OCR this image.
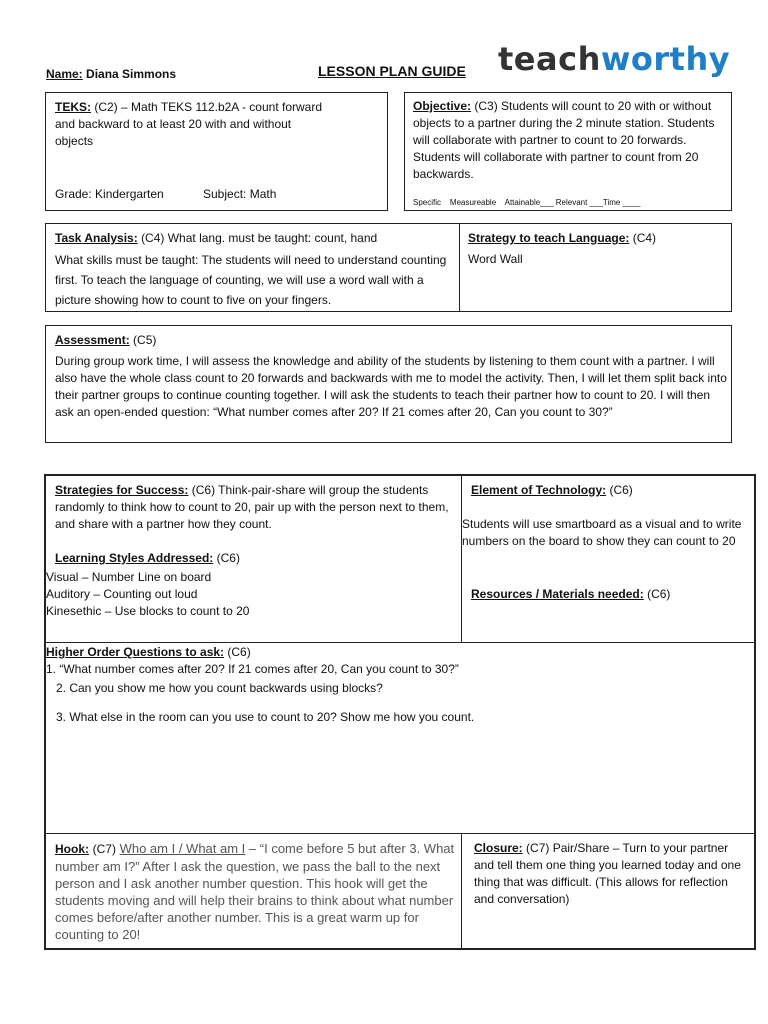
Name: Diana Simmons	LESSON PLAN GUIDE teachworthy
TEKS: (C2) – Math TEKS 112.b2A - count forward and backward to at least 20 with and without objects
Grade: Kindergarten	Subject: Math
Objective: (C3) Students will count to 20 with or without objects to a partner during the 2 minute station. Students will collaborate with partner to count to 20 forwards. Students will collaborate with partner to count from 20 backwards.
Specific    Measureable    Attainable___ Relevant ___Time ____
Task Analysis: (C4) What lang. must be taught: count, hand
What skills must be taught: The students will need to understand counting first. To teach the language of counting, we will use a word wall with a picture showing how to count to five on your fingers.
Strategy to teach Language: (C4)
Word Wall
Assessment: (C5)
During group work time, I will assess the knowledge and ability of the students by listening to them count with a partner. I will also have the whole class count to 20 forwards and backwards with me to model the activity. Then, I will let them split back into their partner groups to continue counting together. I will ask the students to teach their partner how to count to 20. I will then ask an open-ended question: “What number comes after 20? If 21 comes after 20, Can you count to 30?”
Strategies for Success: (C6) Think-pair-share will group the students randomly to think how to count to 20, pair up with the person next to them, and share with a partner how they count.
Learning Styles Addressed: (C6)
Visual – Number Line on board
Auditory – Counting out loud
Kinesethic – Use blocks to count to 20
Element of Technology: (C6)
Students will use smartboard as a visual and to write numbers on the board to show they can count to 20
Resources / Materials needed: (C6)
Higher Order Questions to ask: (C6)
1. “What number comes after 20? If 21 comes after 20, Can you count to 30?”
2. Can you show me how you count backwards using blocks?
3. What else in the room can you use to count to 20? Show me how you count.
Hook: (C7) Who am I / What am I – “I come before 5 but after 3. What number am I?” After I ask the question, we pass the ball to the next person and I ask another number question. This hook will get the students moving and will help their brains to think about what number comes before/after another number. This is a great warm up for counting to 20!
Closure: (C7) Pair/Share – Turn to your partner and tell them one thing you learned today and one thing that was difficult. (This allows for reflection and conversation)
